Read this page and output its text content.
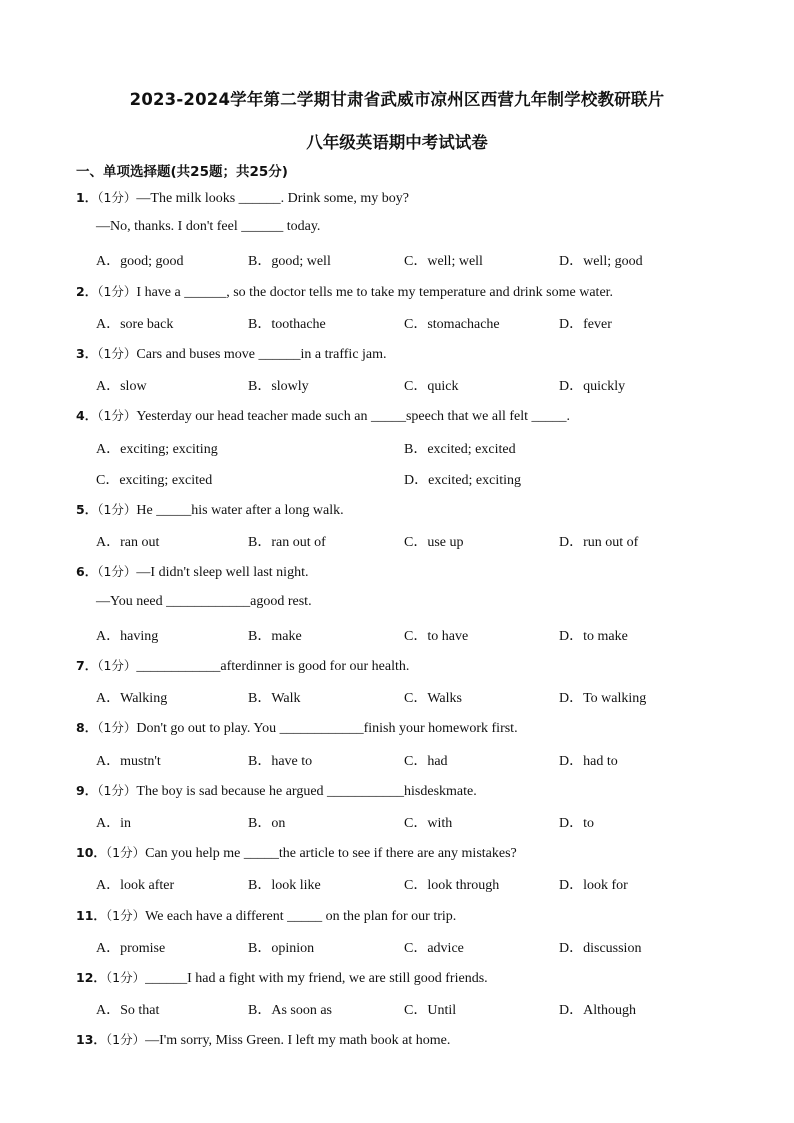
2023-2024学年第二学期甘肃省武威市凉州区西营九年制学校教研联片
八年级英语期中考试试卷
一、单项选择题(共25题；共25分)
1．（1分）—The milk looks ______. Drink some, my boy?
—No, thanks. I don't feel ______ today.
A．good; good	B．good; well	C．well; well	D．well; good
2．（1分）I have a ______, so the doctor tells me to take my temperature and drink some water.
A．sore back	B．toothache	C．stomachache	D．fever
3．（1分）Cars and buses move ______in a traffic jam.
A．slow	B．slowly	C．quick	D．quickly
4．（1分）Yesterday our head teacher made such an _____speech that we all felt _____.
A．exciting; exciting	B．excited; excited
C．exciting; excited	D．excited; exciting
5．（1分）He _____his water after a long walk.
A．ran out	B．ran out of	C．use up	D．run out of
6．（1分）—I didn't sleep well last night.
—You need ____________agood rest.
A．having	B．make	C．to have	D．to make
7．（1分）____________afterdinner is good for our health.
A．Walking	B．Walk	C．Walks	D．To walking
8．（1分）Don't go out to play. You ____________finish your homework first.
A．mustn't	B．have to	C．had	D．had to
9．（1分）The boy is sad because he argued ___________hisdeskmate.
A．in	B．on	C．with	D．to
10．（1分）Can you help me _____the article to see if there are any mistakes?
A．look after	B．look like	C．look through	D．look for
11．（1分）We each have a different _____ on the plan for our trip.
A．promise	B．opinion	C．advice	D．discussion
12．（1分）______I had a fight with my friend, we are still good friends.
A．So that	B．As soon as	C．Until	D．Although
13．（1分）—I'm sorry, Miss Green. I left my math book at home.
